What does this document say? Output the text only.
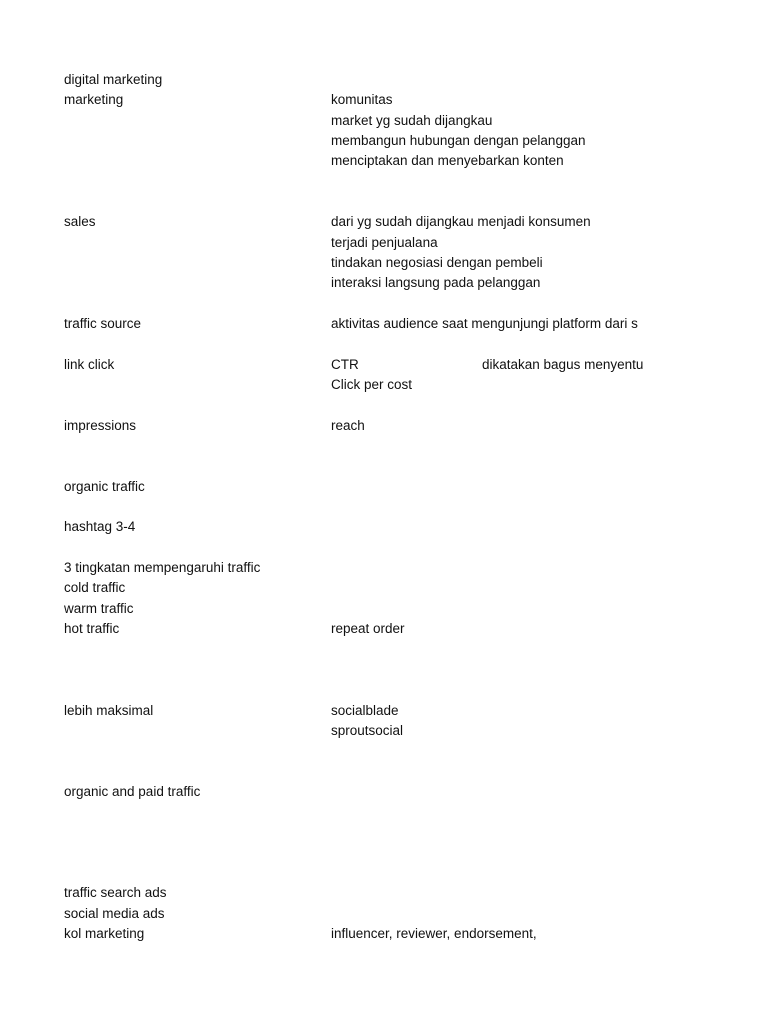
digital marketing
marketing	komunitas
market yg sudah dijangkau
membangun hubungan dengan pelanggan
menciptakan dan menyebarkan konten
sales	dari yg sudah dijangkau menjadi konsumen
terjadi penjualana
tindakan negosiasi dengan pembeli
interaksi langsung pada pelanggan
traffic source	aktivitas audience saat mengunjungi platform dari s
link click	CTR	dikatakan bagus menyentu
Click per cost
impressions	reach
organic traffic
hashtag 3-4
3 tingkatan mempengaruhi traffic
cold traffic
warm traffic
hot traffic	repeat order
lebih maksimal	socialblade
sproutsocial
organic and paid traffic
traffic search ads
social media ads
kol marketing	influencer, reviewer, endorsement,
